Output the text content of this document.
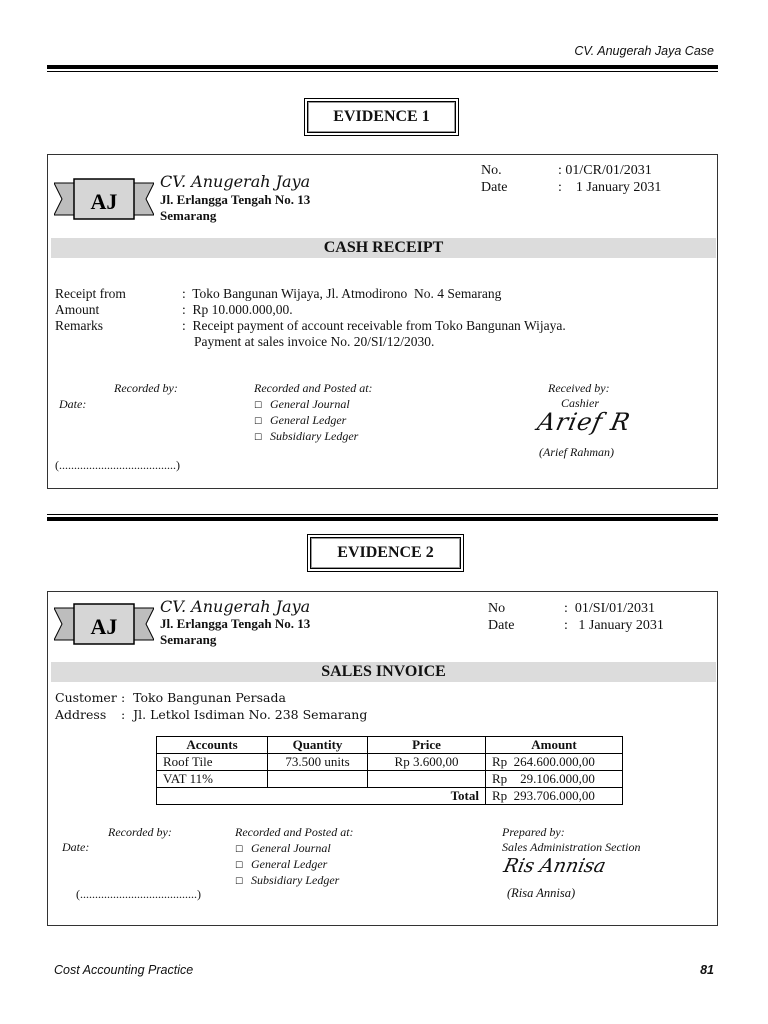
CV. Anugerah Jaya Case
EVIDENCE 1
AJ
CV. Anugerah Jaya
Jl. Erlangga Tengah No. 13
Semarang
No.	: 01/CR/01/2031
Date	:    1 January 2031
CASH RECEIPT
Receipt from	:  Toko Bangunan Wijaya, Jl. Atmodirono  No. 4 Semarang
Amount	:  Rp 10.000.000,00.
Remarks	:  Receipt payment of account receivable from Toko Bangunan Wijaya.
Payment at sales invoice No. 20/SI/12/2030.
Recorded by:
Date:
Recorded and Posted at:
☐ General Journal
☐ General Ledger
☐ Subsidiary Ledger
Received by:
Cashier
Arief R
(Arief Rahman)
(.......................................)
EVIDENCE 2
AJ
CV. Anugerah Jaya
Jl. Erlangga Tengah No. 13
Semarang
No	:  01/SI/01/2031
Date	:   1 January 2031
SALES INVOICE
Customer :  Toko Bangunan Persada
Address :  Jl. Letkol Isdiman No. 238 Semarang
Accounts	Quantity	Price	Amount
Roof Tile	73.500 units	Rp 3.600,00	Rp  264.600.000,00
VAT 11%			Rp    29.106.000,00
Total			Rp  293.706.000,00
Recorded by:
Date:
Recorded and Posted at:
☐ General Journal
☐ General Ledger
☐ Subsidiary Ledger
Prepared by:
Sales Administration Section
Ris Annisa
(Risa Annisa)
(.......................................)
Cost Accounting Practice	81
